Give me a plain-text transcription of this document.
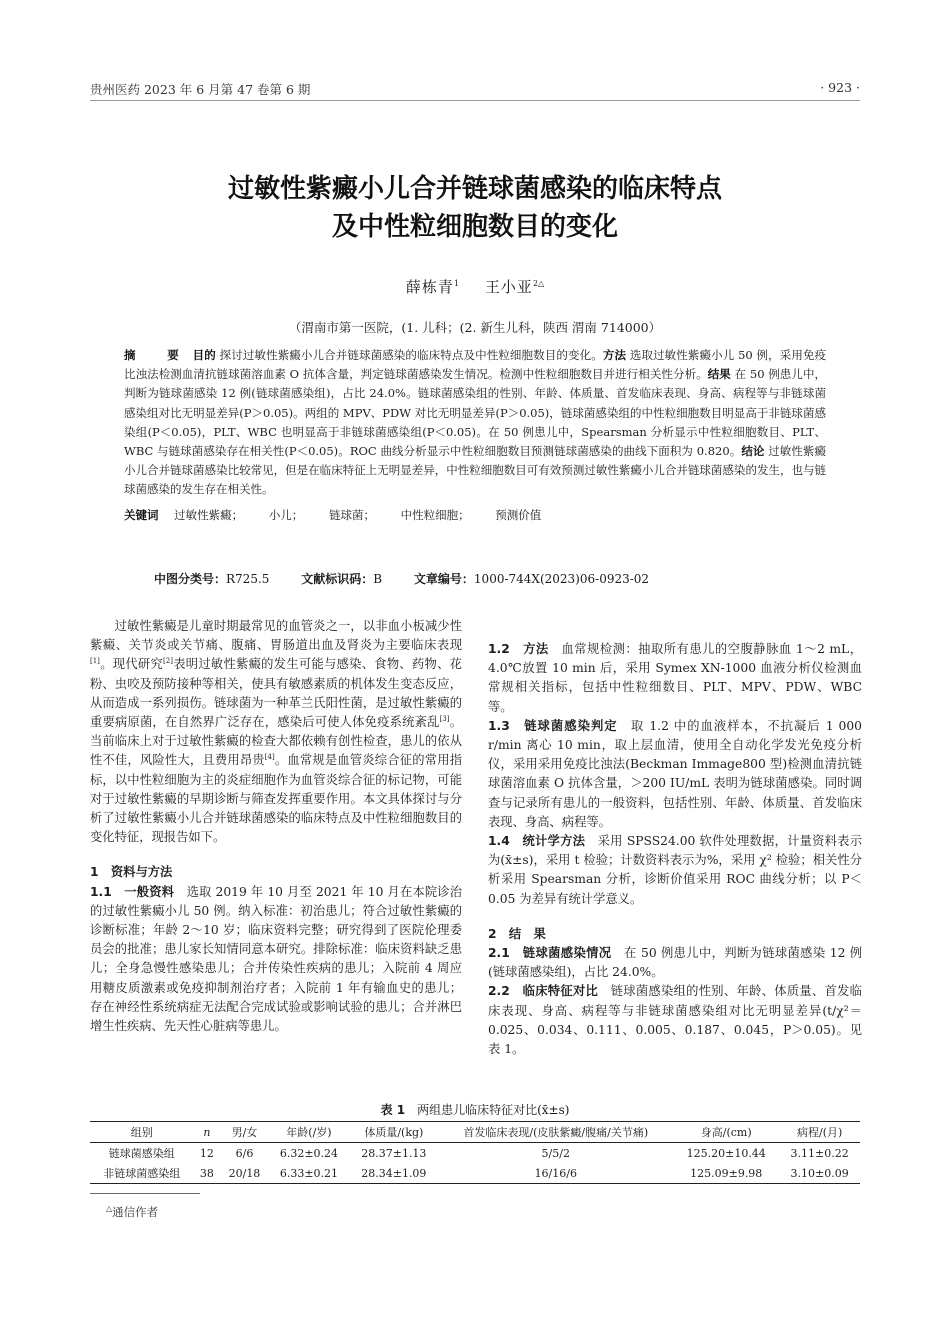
贵州医药 2023 年 6 月第 47 卷第 6 期	· 923 ·
过敏性紫癜小儿合并链球菌感染的临床特点
及中性粒细胞数目的变化
薛栋青$^1$ 王小亚$^{2\triangle}$
（渭南市第一医院，(1. 儿科；(2. 新生儿科，陕西 渭南 714000）

摘　要 目的 探讨过敏性紫癜小儿合并链球菌感染的临床特点及中性粒细胞数目的变化。方法 选取过敏性紫癜小儿 50 例，采用免疫比浊法检测血清抗链球菌溶血素 O 抗体含量，判定链球菌感染发生情况。检测中性粒细胞数目并进行相关性分析。结果 在 50 例患儿中，判断为链球菌感染 12 例(链球菌感染组)，占比 24.0%。链球菌感染组的性别、年龄、体质量、首发临床表现、身高、病程等与非链球菌感染组对比无明显差异(P＞0.05)。两组的 MPV、PDW 对比无明显差异(P＞0.05)，链球菌感染组的中性粒细胞数目明显高于非链球菌感染组(P＜0.05)，PLT、WBC 也明显高于非链球菌感染组(P＜0.05)。在 50 例患儿中，Spearsman 分析显示中性粒细胞数目、PLT、WBC 与链球菌感染存在相关性(P＜0.05)。ROC 曲线分析显示中性粒细胞数目预测链球菌感染的曲线下面积为 0.820。结论 过敏性紫癜小儿合并链球菌感染比较常见，但是在临床特征上无明显差异，中性粒细胞数目可有效预测过敏性紫癜小儿合并链球菌感染的发生，也与链球菌感染的发生存在相关性。

关键词 过敏性紫癜； 小儿； 链球菌； 中性粒细胞； 预测价值
中图分类号：R725.5	文献标识码：B	文章编号：1000-744X(2023)06-0923-02

过敏性紫癜是儿童时期最常见的血管炎之一，以非血小板减少性紫癜、关节炎或关节痛、腹痛、胃肠道出血及肾炎为主要临床表现[1]。现代研究[2]表明过敏性紫癜的发生可能与感染、食物、药物、花粉、虫咬及预防接种等相关，使具有敏感素质的机体发生变态反应，从而造成一系列损伤。链球菌为一种革兰氏阳性菌，是过敏性紫癜的重要病原菌，在自然界广泛存在，感染后可使人体免疫系统紊乱[3]。当前临床上对于过敏性紫癜的检查大都依赖有创性检查，患儿的依从性不佳，风险性大，且费用昂贵[4]。血常规是血管炎综合征的常用指标，以中性粒细胞为主的炎症细胞作为血管炎综合征的标记物，可能对于过敏性紫癜的早期诊断与筛查发挥重要作用。本文具体探讨与分析了过敏性紫癜小儿合并链球菌感染的临床特点及中性粒细胞数目的变化特征，现报告如下。

1　资料与方法

1.1　一般资料　 选取 2019 年 10 月至 2021 年 10 月在本院诊治的过敏性紫癜小儿 50 例。纳入标准：初治患儿；符合过敏性紫癜的诊断标准；年龄 2～10 岁；临床资料完整；研究得到了医院伦理委员会的批准；患儿家长知情同意本研究。排除标准：临床资料缺乏患儿；全身急慢性感染患儿；合并传染性疾病的患儿；入院前 4 周应用糖皮质激素或免疫抑制剂治疗者；入院前 1 年有输血史的患儿；存在神经性系统病症无法配合完成试验或影响试验的患儿；合并淋巴增生性疾病、先天性心脏病等患儿。

1.2　方法　 血常规检测：抽取所有患儿的空腹静脉血 1～2 mL，4.0℃放置 10 min 后，采用 Symex XN-1000 血液分析仪检测血常规相关指标，包括中性粒细数目、PLT、MPV、PDW、WBC 等。

1.3　链球菌感染判定　 取 1.2 中的血液样本，不抗凝后 1 000 r/min 离心 10 min，取上层血清，使用全自动化学发光免疫分析仪，采用采用免疫比浊法(Beckman Immage800 型)检测血清抗链球菌溶血素 O 抗体含量，＞200 IU/mL 表明为链球菌感染。同时调查与记录所有患儿的一般资料，包括性别、年龄、体质量、首发临床表现、身高、病程等。

1.4　统计学方法　 采用 SPSS24.00 软件处理数据，计量资料表示为(x̄±s)，采用 t 检验；计数资料表示为%，采用 χ² 检验；相关性分析采用 Spearsman 分析，诊断价值采用 ROC 曲线分析；以 P＜0.05 为差异有统计学意义。

2　结　果

2.1　链球菌感染情况　 在 50 例患儿中，判断为链球菌感染 12 例(链球菌感染组)，占比 24.0%。

2.2　临床特征对比　 链球菌感染组的性别、年龄、体质量、首发临床表现、身高、病程等与非链球菌感染组对比无明显差异(t/χ²＝0.025、0.034、0.111、0.005、0.187、0.045，P＞0.05)。见表 1。

表 1 两组患儿临床特征对比(x̄±s)
组别	n	男/女	年龄(/岁)	体质量/(kg)	首发临床表现/(皮肤紫癜/腹痛/关节痛)	身高/(cm)	病程/(月)
链球菌感染组	12	6/6	6.32±0.24	28.37±1.13	5/5/2	125.20±10.44	3.11±0.22
非链球菌感染组	38	20/18	6.33±0.21	28.34±1.09	16/16/6	125.09±9.98	3.10±0.09
△通信作者
